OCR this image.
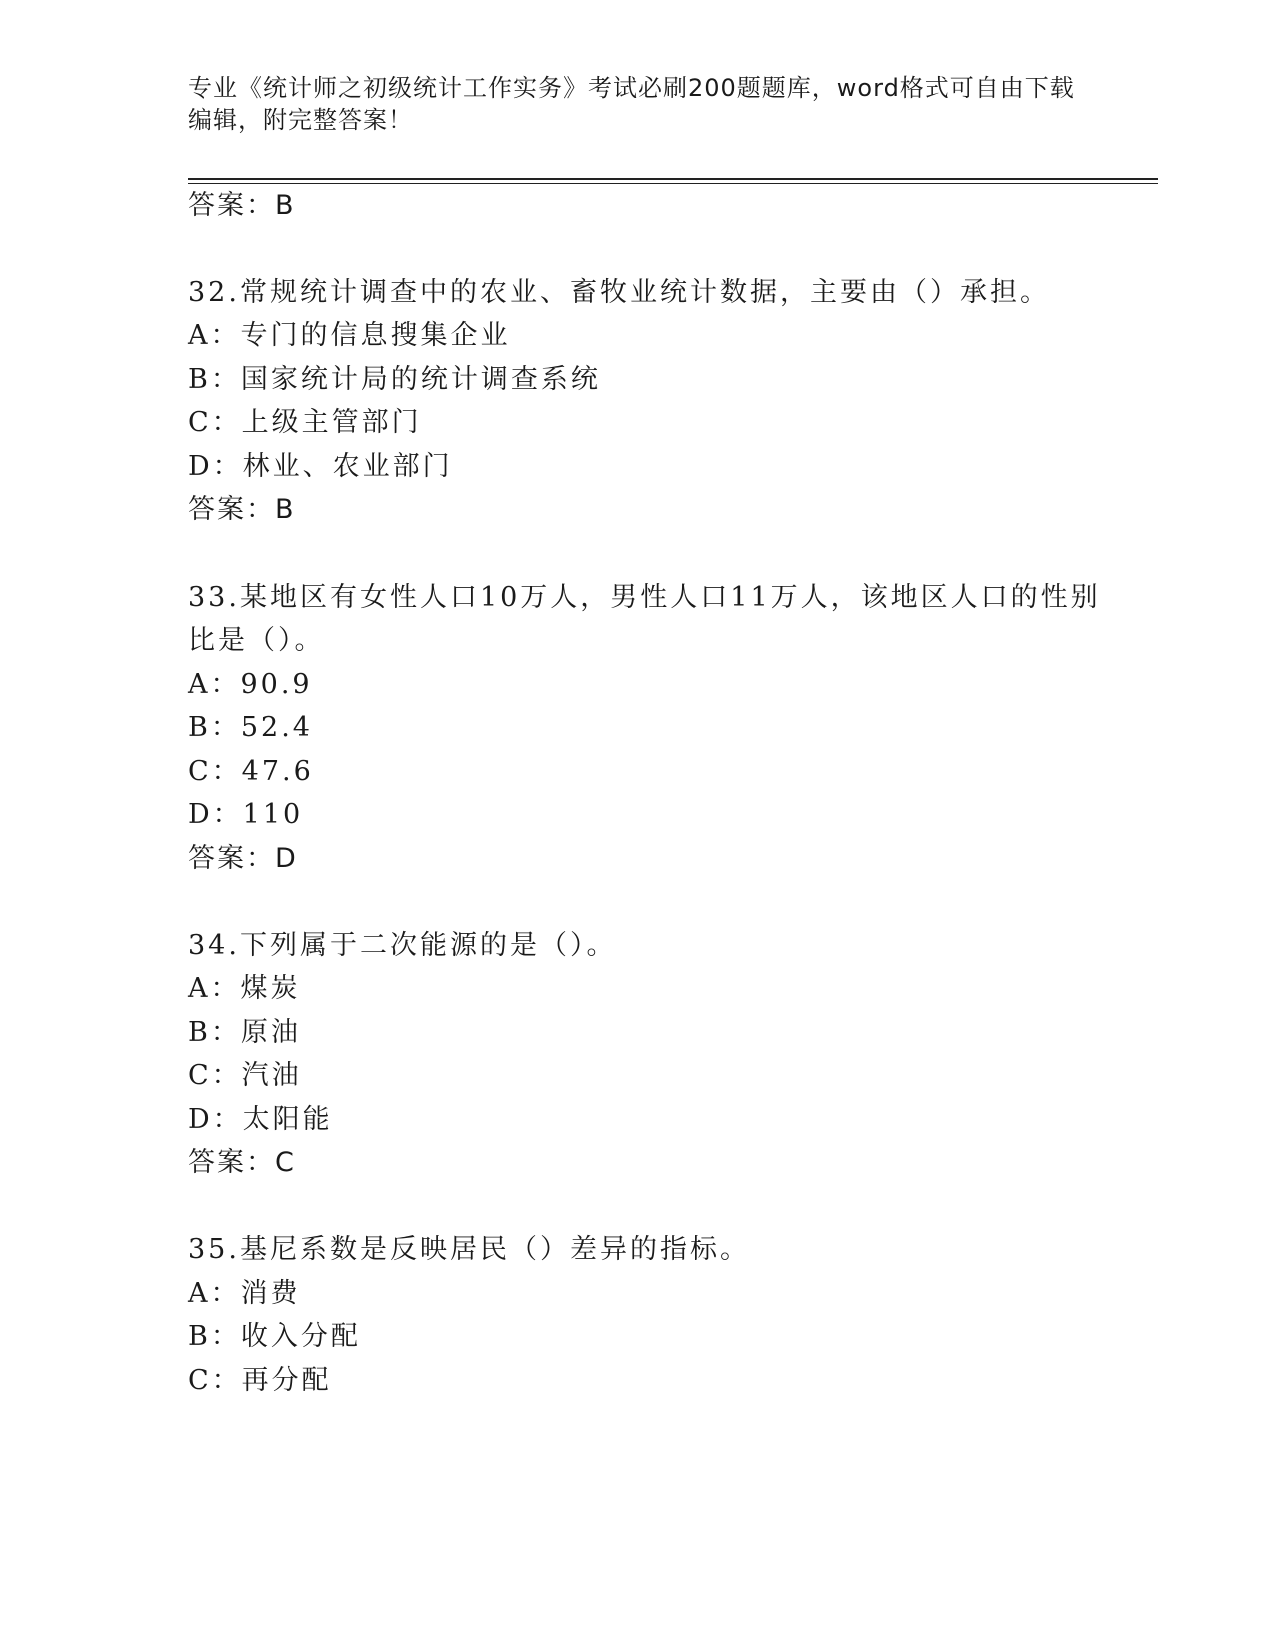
专业《统计师之初级统计工作实务》考试必刷200题题库，word格式可自由下载
编辑，附完整答案！
答案：B
32.常规统计调查中的农业、畜牧业统计数据，主要由（）承担。
A：专门的信息搜集企业
B：国家统计局的统计调查系统
C：上级主管部门
D：林业、农业部门
答案：B
33.某地区有女性人口10万人，男性人口11万人，该地区人口的性别
比是（）。
A：90.9
B：52.4
C：47.6
D：110
答案：D
34.下列属于二次能源的是（）。
A：煤炭
B：原油
C：汽油
D：太阳能
答案：C
35.基尼系数是反映居民（）差异的指标。
A：消费
B：收入分配
C：再分配
